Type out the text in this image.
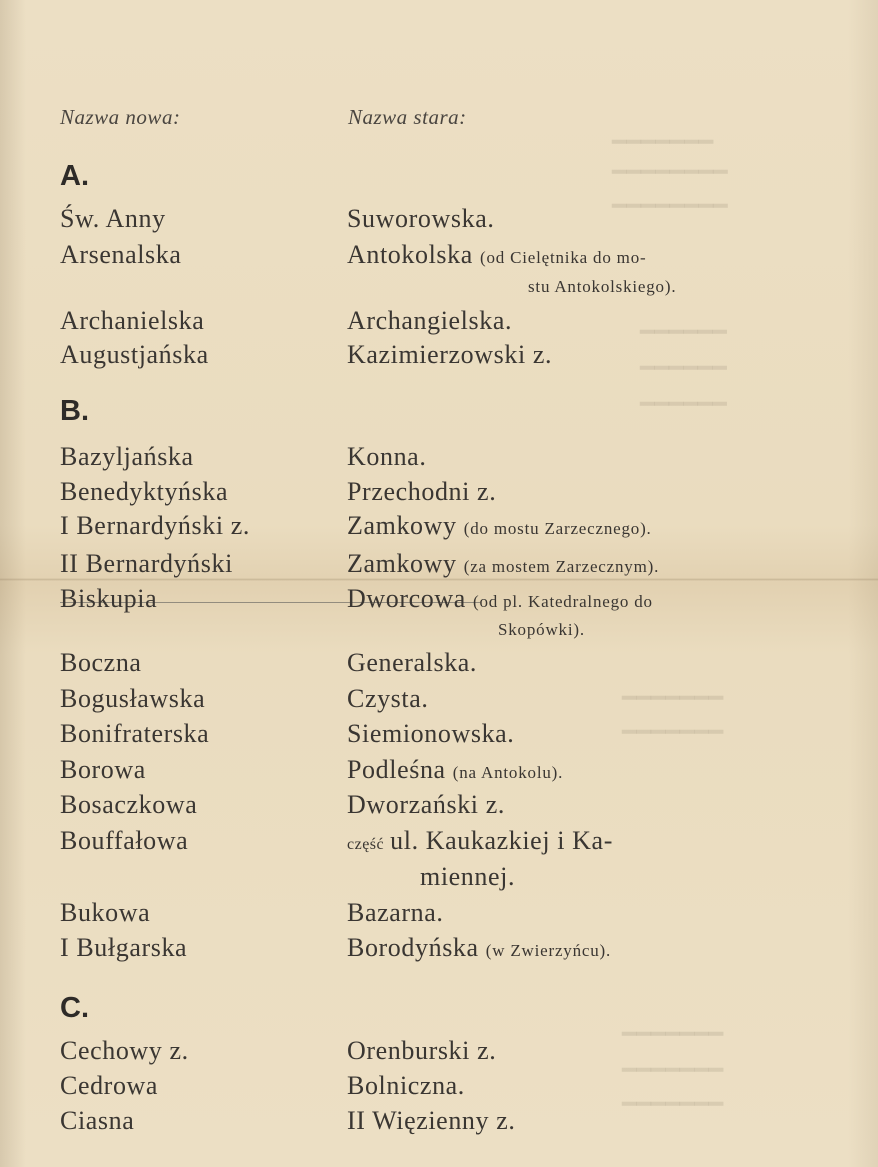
━━━━━━━
━━━━━━━━
━━━━━━━━
━━━━━━
━━━━━━
━━━━━━
━━━━━━━
━━━━━━━
━━━━━━━
━━━━━━━
━━━━━━━
Nazwa nowa:	Nazwa stara:
A.
Św. Anny	Suworowska.
Arsenalska	Antokolska (od Cielętnika do mo-
stu Antokolskiego).
Archanielska	Archangielska.
Augustjańska	Kazimierzowski z.
B.
Bazyljańska	Konna.
Benedyktyńska	Przechodni z.
I Bernardyński z.	Zamkowy (do mostu Zarzecznego).
II Bernardyński	Zamkowy (za mostem Zarzecznym).
Biskupia	Dworcowa (od pl. Katedralnego do
Skopówki).
Boczna	Generalska.
Bogusławska	Czysta.
Bonifraterska	Siemionowska.
Borowa	Podleśna (na Antokolu).
Bosaczkowa	Dworzański z.
Bouffałowa	część ul. Kaukazkiej i Ka-
miennej.
Bukowa	Bazarna.
I Bułgarska	Borodyńska (w Zwierzyńcu).
C.
Cechowy z.	Orenburski z.
Cedrowa	Bolniczna.
Ciasna	II Więzienny z.
